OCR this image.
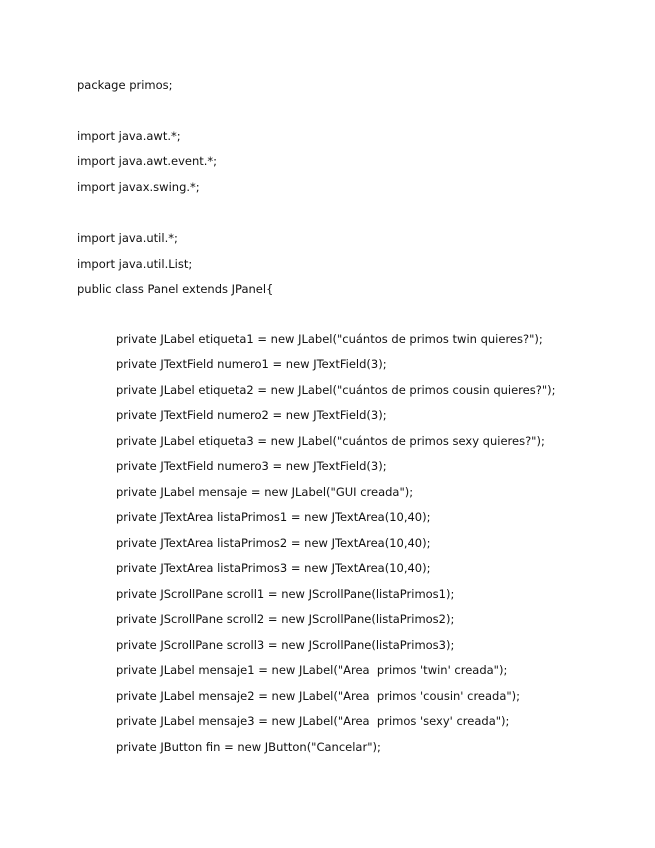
package primos;
import java.awt.*;
import java.awt.event.*;
import javax.swing.*;
import java.util.*;
import java.util.List;
public class Panel extends JPanel{
private JLabel etiqueta1 = new JLabel("cuántos de primos twin quieres?");
private JTextField numero1 = new JTextField(3);
private JLabel etiqueta2 = new JLabel("cuántos de primos cousin quieres?");
private JTextField numero2 = new JTextField(3);
private JLabel etiqueta3 = new JLabel("cuántos de primos sexy quieres?");
private JTextField numero3 = new JTextField(3);
private JLabel mensaje = new JLabel("GUI creada");
private JTextArea listaPrimos1 = new JTextArea(10,40);
private JTextArea listaPrimos2 = new JTextArea(10,40);
private JTextArea listaPrimos3 = new JTextArea(10,40);
private JScrollPane scroll1 = new JScrollPane(listaPrimos1);
private JScrollPane scroll2 = new JScrollPane(listaPrimos2);
private JScrollPane scroll3 = new JScrollPane(listaPrimos3);
private JLabel mensaje1 = new JLabel("Area  primos 'twin' creada");
private JLabel mensaje2 = new JLabel("Area  primos 'cousin' creada");
private JLabel mensaje3 = new JLabel("Area  primos 'sexy' creada");
private JButton fin = new JButton("Cancelar");
